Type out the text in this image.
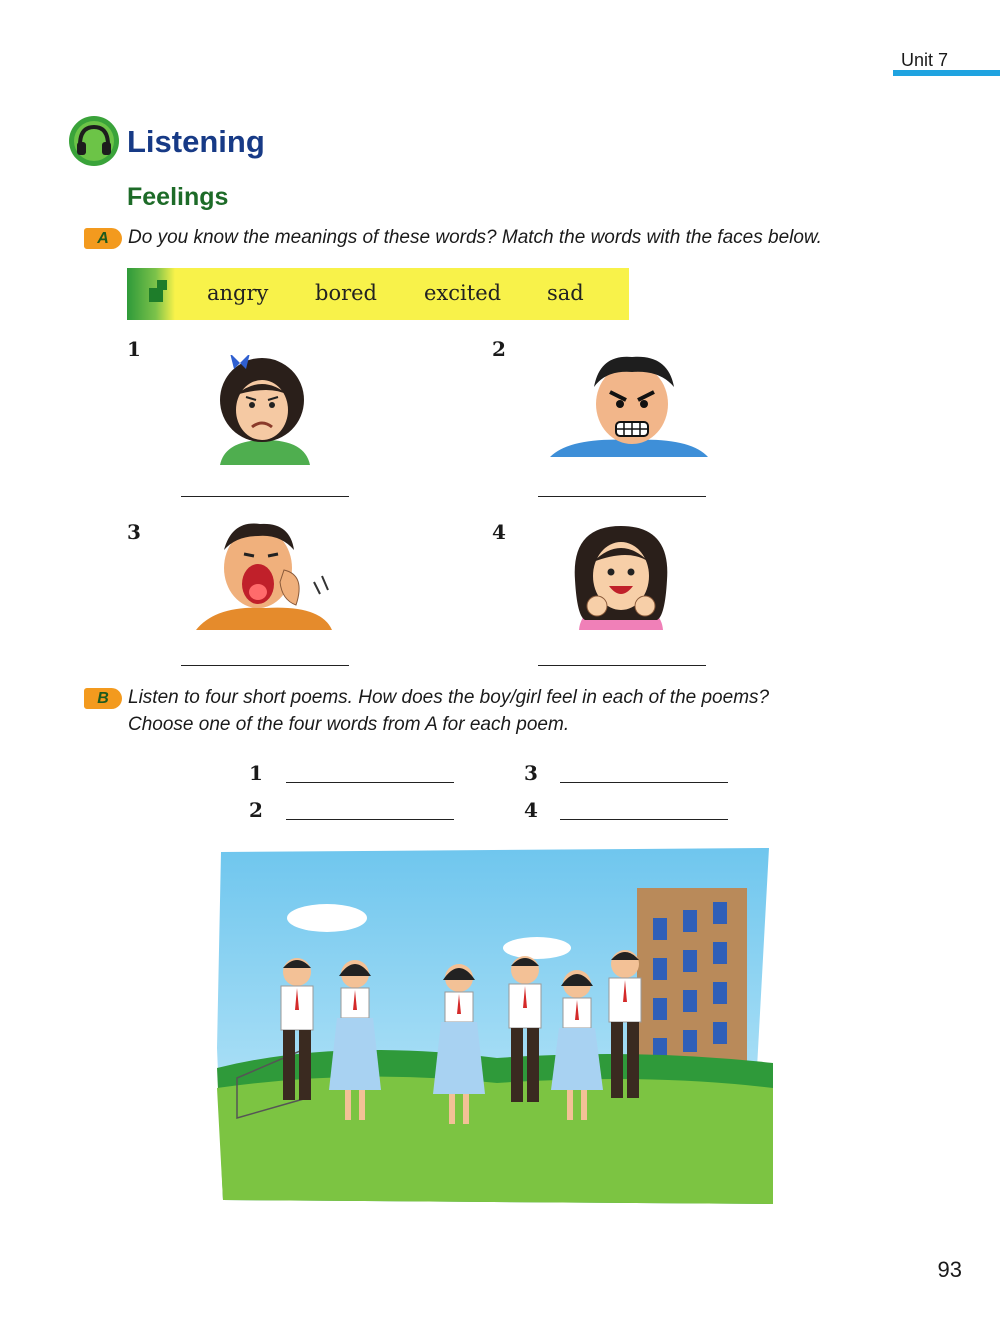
Unit 7
Listening
Feelings
A	Do you know the meanings of these words? Match the words with the faces below.
angry bored excited sad
1	2
3	4
B	Listen to four short poems. How does the boy/girl feel in each of the poems?
Choose one of the four words from A for each poem.
1	3
2	4
93
